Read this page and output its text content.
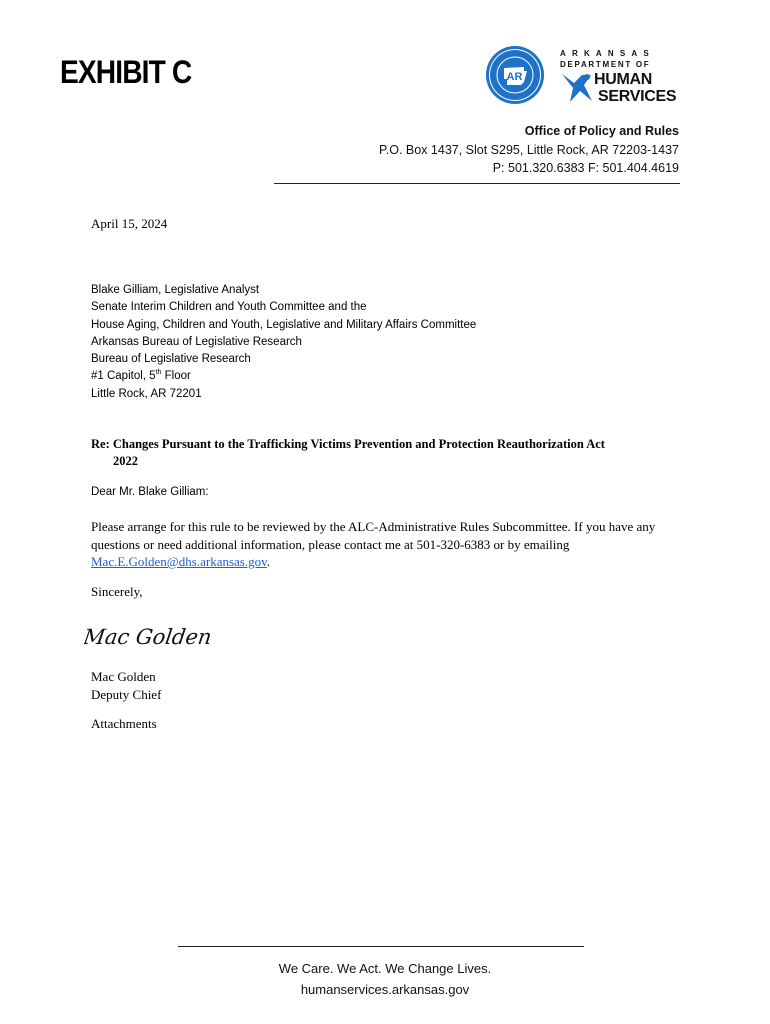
EXHIBIT C	AR
ARKANSAS
DEPARTMENT OF
HUMAN
SERVICES
Office of Policy and Rules
P.O. Box 1437, Slot S295, Little Rock, AR 72203-1437
P: 501.320.6383 F: 501.404.4619
April 15, 2024
Blake Gilliam, Legislative Analyst
Senate Interim Children and Youth Committee and the
House Aging, Children and Youth, Legislative and Military Affairs Committee
Arkansas Bureau of Legislative Research
Bureau of Legislative Research
#1 Capitol, 5th Floor
Little Rock, AR 72201
Re: Changes Pursuant to the Trafficking Victims Prevention and Protection Reauthorization Act
2022
Dear Mr. Blake Gilliam:
Please arrange for this rule to be reviewed by the ALC-Administrative Rules Subcommittee. If you have any questions or need additional information, please contact me at 501-320-6383 or by emailing Mac.E.Golden@dhs.arkansas.gov.
Sincerely,
Mac Golden
Mac Golden
Deputy Chief
Attachments
We Care. We Act. We Change Lives.
humanservices.arkansas.gov
